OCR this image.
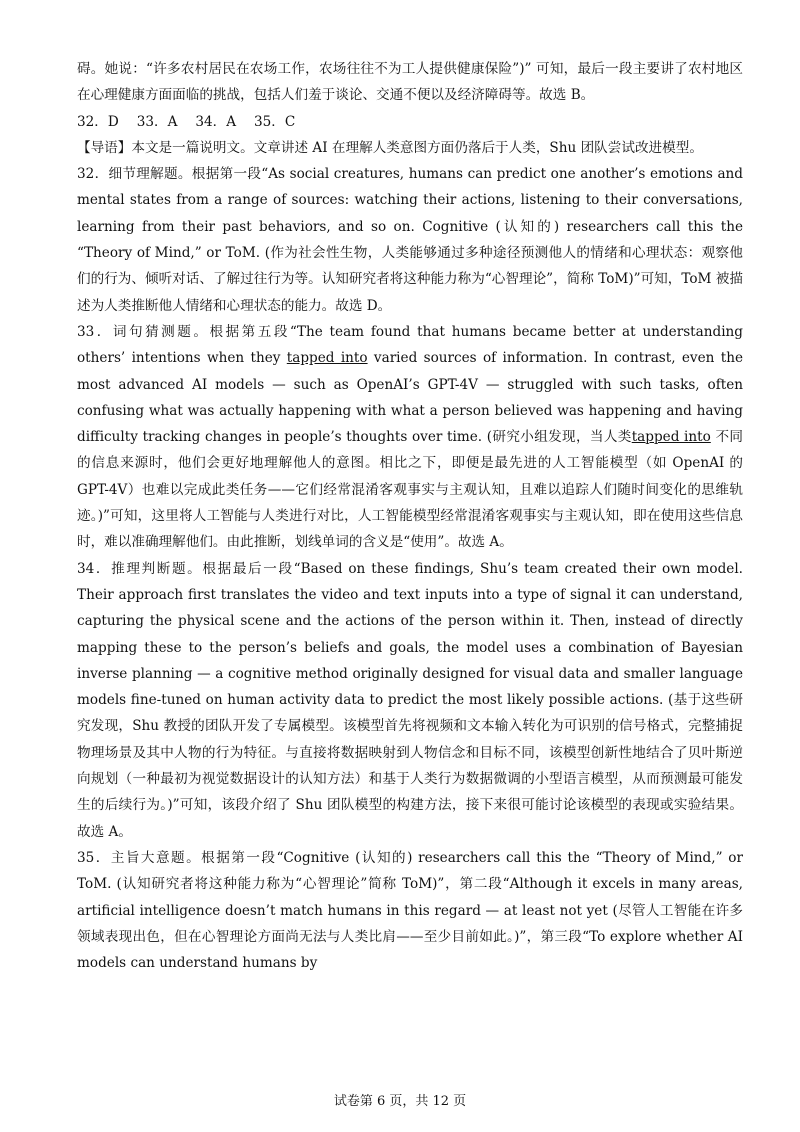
碍。她说：“许多农村居民在农场工作，农场往往不为工人提供健康保险”)” 可知，最后一段主要讲了农村地区在心理健康方面面临的挑战，包括人们羞于谈论、交通不便以及经济障碍等。故选 B。

32．D　 33．A　 34．A　 35．C

【导语】本文是一篇说明文。文章讲述 AI 在理解人类意图方面仍落后于人类，Shu 团队尝试改进模型。

32．细节理解题。根据第一段“As social creatures, humans can predict one another’s emotions and mental states from a range of sources: watching their actions, listening to their conversations, learning from their past behaviors, and so on. Cognitive (认知的) researchers call this the “Theory of Mind,” or ToM. (作为社会性生物，人类能够通过多种途径预测他人的情绪和心理状态：观察他们的行为、倾听对话、了解过往行为等。认知研究者将这种能力称为“心智理论”，简称 ToM)”可知，ToM 被描述为人类推断他人情绪和心理状态的能力。故选 D。

33．词句猜测题。根据第五段“The team found that humans became better at understanding others’ intentions when they tapped into varied sources of information. In contrast, even the most advanced AI models — such as OpenAI’s GPT-4V — struggled with such tasks, often confusing what was actually happening with what a person believed was happening and having difficulty tracking changes in people’s thoughts over time. (研究小组发现，当人类tapped into 不同的信息来源时，他们会更好地理解他人的意图。相比之下，即便是最先进的人工智能模型（如 OpenAI 的 GPT-4V）也难以完成此类任务——它们经常混淆客观事实与主观认知，且难以追踪人们随时间变化的思维轨迹。)”可知，这里将人工智能与人类进行对比，人工智能模型经常混淆客观事实与主观认知，即在使用这些信息时，难以准确理解他们。由此推断，划线单词的含义是“使用”。故选 A。

34．推理判断题。根据最后一段“Based on these findings, Shu’s team created their own model. Their approach first translates the video and text inputs into a type of signal it can understand, capturing the physical scene and the actions of the person within it. Then, instead of directly mapping these to the person’s beliefs and goals, the model uses a combination of Bayesian inverse planning — a cognitive method originally designed for visual data and smaller language models fine-tuned on human activity data to predict the most likely possible actions. (基于这些研究发现，Shu 教授的团队开发了专属模型。该模型首先将视频和文本输入转化为可识别的信号格式，完整捕捉物理场景及其中人物的行为特征。与直接将数据映射到人物信念和目标不同，该模型创新性地结合了贝叶斯逆向规划（一种最初为视觉数据设计的认知方法）和基于人类行为数据微调的小型语言模型，从而预测最可能发生的后续行为。)”可知，该段介绍了 Shu 团队模型的构建方法，接下来很可能讨论该模型的表现或实验结果。故选 A。

35．主旨大意题。根据第一段“Cognitive (认知的) researchers call this the “Theory of Mind,” or ToM. (认知研究者将这种能力称为“心智理论”简称 ToM)”，第二段“Although it excels in many areas, artificial intelligence doesn’t match humans in this regard — at least not yet (尽管人工智能在许多领域表现出色，但在心智理论方面尚无法与人类比肩——至少目前如此。)”，第三段“To explore whether AI models can understand humans by

试卷第 6 页，共 12 页
